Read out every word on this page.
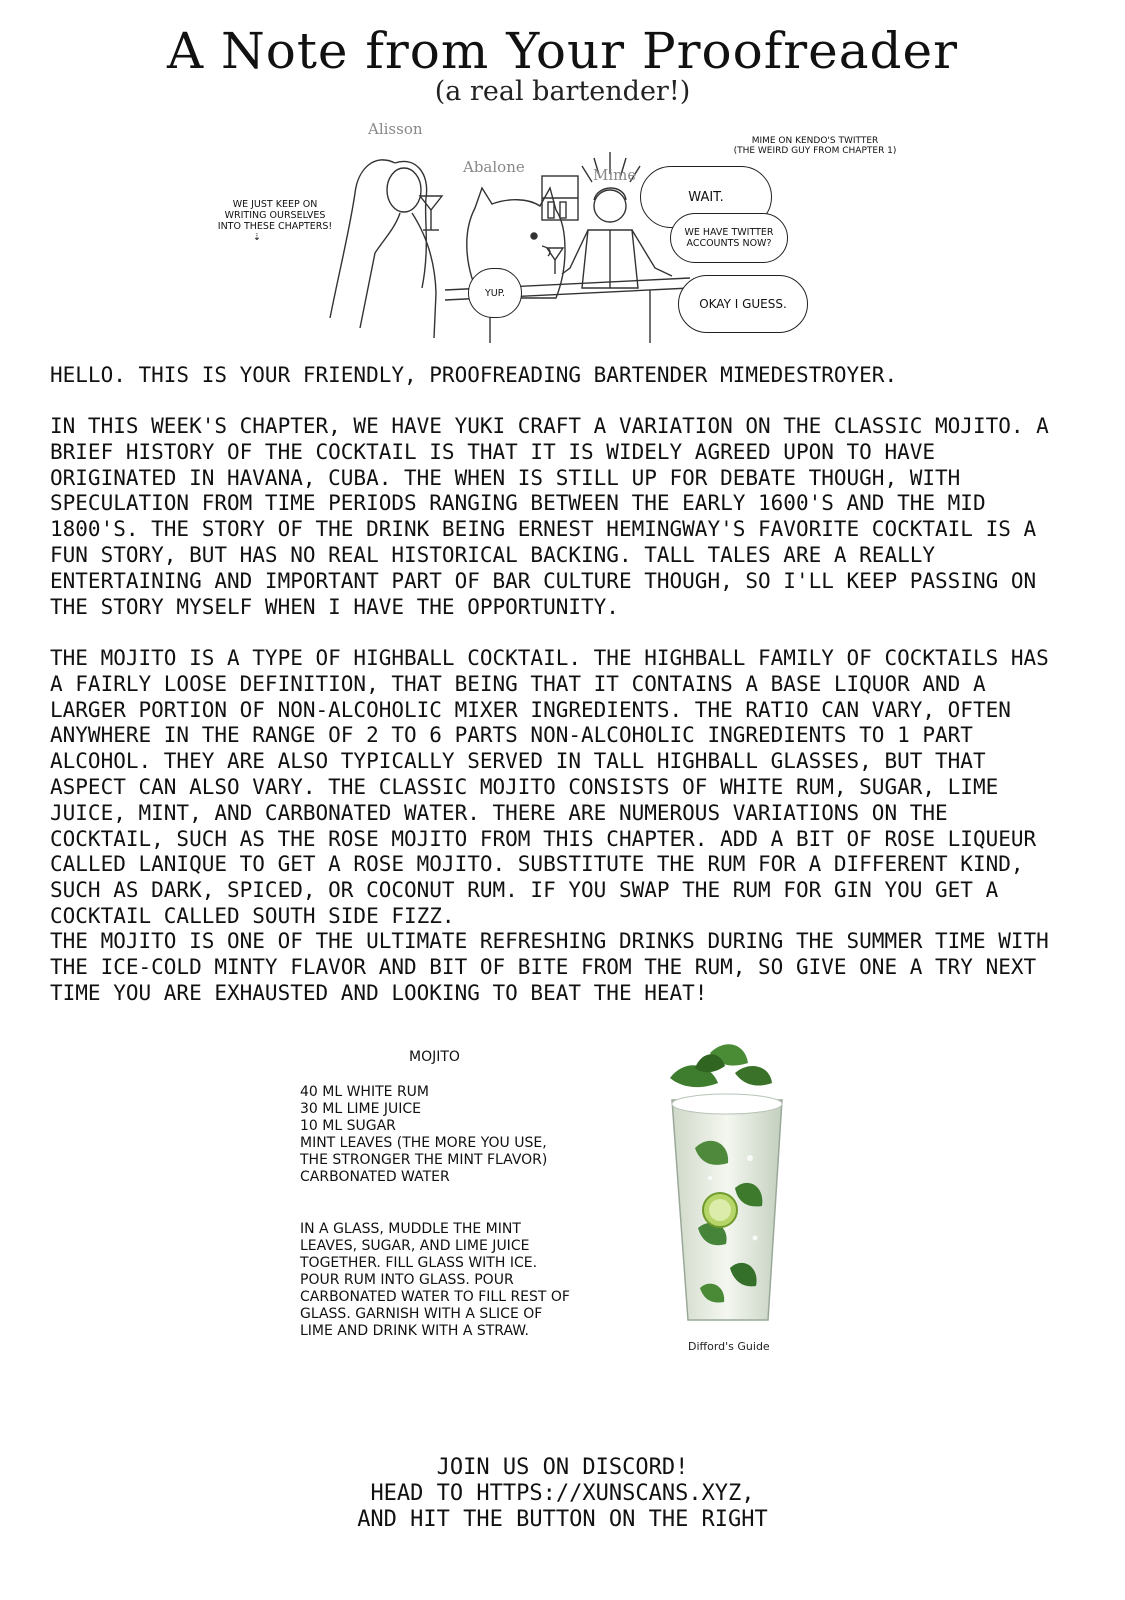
A Note from Your Proofreader
(a real bartender!)
Alisson
Abalone	Mime
WE JUST KEEP ON
WRITING OURSELVES
INTO THESE CHAPTERS!
⇣
MIME ON KENDO'S TWITTER
(THE WEIRD GUY FROM CHAPTER 1)
WAIT.
WE HAVE TWITTER ACCOUNTS NOW?
YUP.
OKAY I GUESS.

HELLO. THIS IS YOUR FRIENDLY, PROOFREADING BARTENDER MIMEDESTROYER.

IN THIS WEEK'S CHAPTER, WE HAVE YUKI CRAFT A VARIATION ON THE CLASSIC MOJITO. A BRIEF HISTORY OF THE COCKTAIL IS THAT IT IS WIDELY AGREED UPON TO HAVE ORIGINATED IN HAVANA, CUBA. THE WHEN IS STILL UP FOR DEBATE THOUGH, WITH SPECULATION FROM TIME PERIODS RANGING BETWEEN THE EARLY 1600'S AND THE MID 1800'S. THE STORY OF THE DRINK BEING ERNEST HEMINGWAY'S FAVORITE COCKTAIL IS A FUN STORY, BUT HAS NO REAL HISTORICAL BACKING. TALL TALES ARE A REALLY ENTERTAINING AND IMPORTANT PART OF BAR CULTURE THOUGH, SO I'LL KEEP PASSING ON THE STORY MYSELF WHEN I HAVE THE OPPORTUNITY.

THE MOJITO IS A TYPE OF HIGHBALL COCKTAIL. THE HIGHBALL FAMILY OF COCKTAILS HAS A FAIRLY LOOSE DEFINITION, THAT BEING THAT IT CONTAINS A BASE LIQUOR AND A LARGER PORTION OF NON-ALCOHOLIC MIXER INGREDIENTS. THE RATIO CAN VARY, OFTEN ANYWHERE IN THE RANGE OF 2 TO 6 PARTS NON-ALCOHOLIC INGREDIENTS TO 1 PART ALCOHOL. THEY ARE ALSO TYPICALLY SERVED IN TALL HIGHBALL GLASSES, BUT THAT ASPECT CAN ALSO VARY. THE CLASSIC MOJITO CONSISTS OF WHITE RUM, SUGAR, LIME JUICE, MINT, AND CARBONATED WATER. THERE ARE NUMEROUS VARIATIONS ON THE COCKTAIL, SUCH AS THE ROSE MOJITO FROM THIS CHAPTER. ADD A BIT OF ROSE LIQUEUR CALLED LANIQUE TO GET A ROSE MOJITO. SUBSTITUTE THE RUM FOR A DIFFERENT KIND, SUCH AS DARK, SPICED, OR COCONUT RUM. IF YOU SWAP THE RUM FOR GIN YOU GET A COCKTAIL CALLED SOUTH SIDE FIZZ.

THE MOJITO IS ONE OF THE ULTIMATE REFRESHING DRINKS DURING THE SUMMER TIME WITH THE ICE-COLD MINTY FLAVOR AND BIT OF BITE FROM THE RUM, SO GIVE ONE A TRY NEXT TIME YOU ARE EXHAUSTED AND LOOKING TO BEAT THE HEAT!

MOJITO
40 ML WHITE RUM
30 ML LIME JUICE
10 ML SUGAR
MINT LEAVES (THE MORE YOU USE, THE STRONGER THE MINT FLAVOR)
CARBONATED WATER
IN A GLASS, MUDDLE THE MINT LEAVES, SUGAR, AND LIME JUICE TOGETHER. FILL GLASS WITH ICE. POUR RUM INTO GLASS. POUR CARBONATED WATER TO FILL REST OF GLASS. GARNISH WITH A SLICE OF LIME AND DRINK WITH A STRAW.
Difford's Guide
JOIN US ON DISCORD!
HEAD TO HTTPS://XUNSCANS.XYZ,
AND HIT THE BUTTON ON THE RIGHT
